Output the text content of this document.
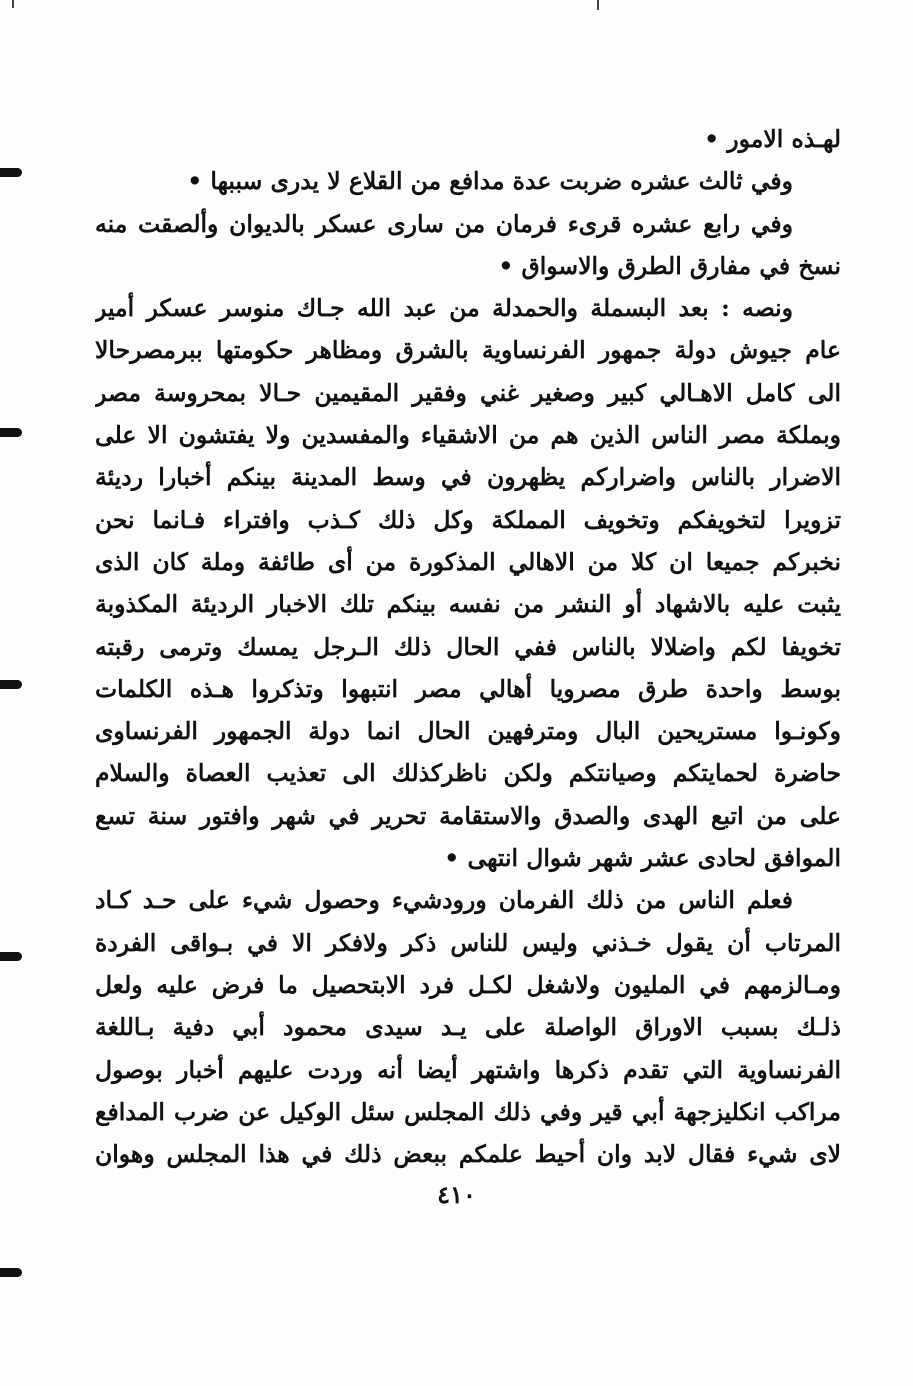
لهـذه الامور •
وفي ثالث عشره ضربت عدة مدافع من القلاع لا يدرى سببها •
وفي رابع عشره قرىء فرمان من سارى عسكر بالديوان وألصقت منه
نسخ في مفارق الطرق والاسواق •
ونصه : بعد البسملة والحمدلة من عبد الله جـاك منوسر عسكر أمير
عام جيوش دولة جمهور الفرنساوية بالشرق ومظاهر حكومتها ببرمصرحالا
الى كامل الاهـالي كبير وصغير غني وفقير المقيمين حـالا بمحروسة مصر
وبملكة مصر الناس الذين هم من الاشقياء والمفسدين ولا يفتشون الا على
الاضرار بالناس واضراركم يظهرون في وسط المدينة بينكم أخبارا رديئة
تزويرا لتخويفكم وتخويف المملكة وكل ذلك كـذب وافتراء فـانما نحن
نخبركم جميعا ان كلا من الاهالي المذكورة من أى طائفة وملة كان الذى
يثبت عليه بالاشهاد أو النشر من نفسه بينكم تلك الاخبار الرديئة المكذوبة
تخويفا لكم واضلالا بالناس ففي الحال ذلك الـرجل يمسك وترمى رقبته
بوسط واحدة طرق مصرويا أهالي مصر انتبهوا وتذكروا هـذه الكلمات
وكونـوا مستريحين البال ومترفهين الحال انما دولة الجمهور الفرنساوى
حاضرة لحمايتكم وصيانتكم ولكن ناظركذلك الى تعذيب العصاة والسلام
على من اتبع الهدى والصدق والاستقامة تحرير في شهر وافتور سنة تسع
الموافق لحادى عشر شهر شوال انتهى •
فعلم الناس من ذلك الفرمان ورودشيء وحصول شيء على حـد كـاد
المرتاب أن يقول خـذني وليس للناس ذكر ولافكر الا في بـواقى الفردة
ومـالزمهم في المليون ولاشغل لكـل فرد الابتحصيل ما فرض عليه ولعل
ذلـك بسبب الاوراق الواصلة على يـد سيدى محمود أبي دفية بـاللغة
الفرنساوية التي تقدم ذكرها واشتهر أيضا أنه وردت عليهم أخبار بوصول
مراكب انكليزجهة أبي قير وفي ذلك المجلس سئل الوكيل عن ضرب المدافع
لاى شيء فقال لابد وان أحيط علمكم ببعض ذلك في هذا المجلس وهوان
٤١٠
